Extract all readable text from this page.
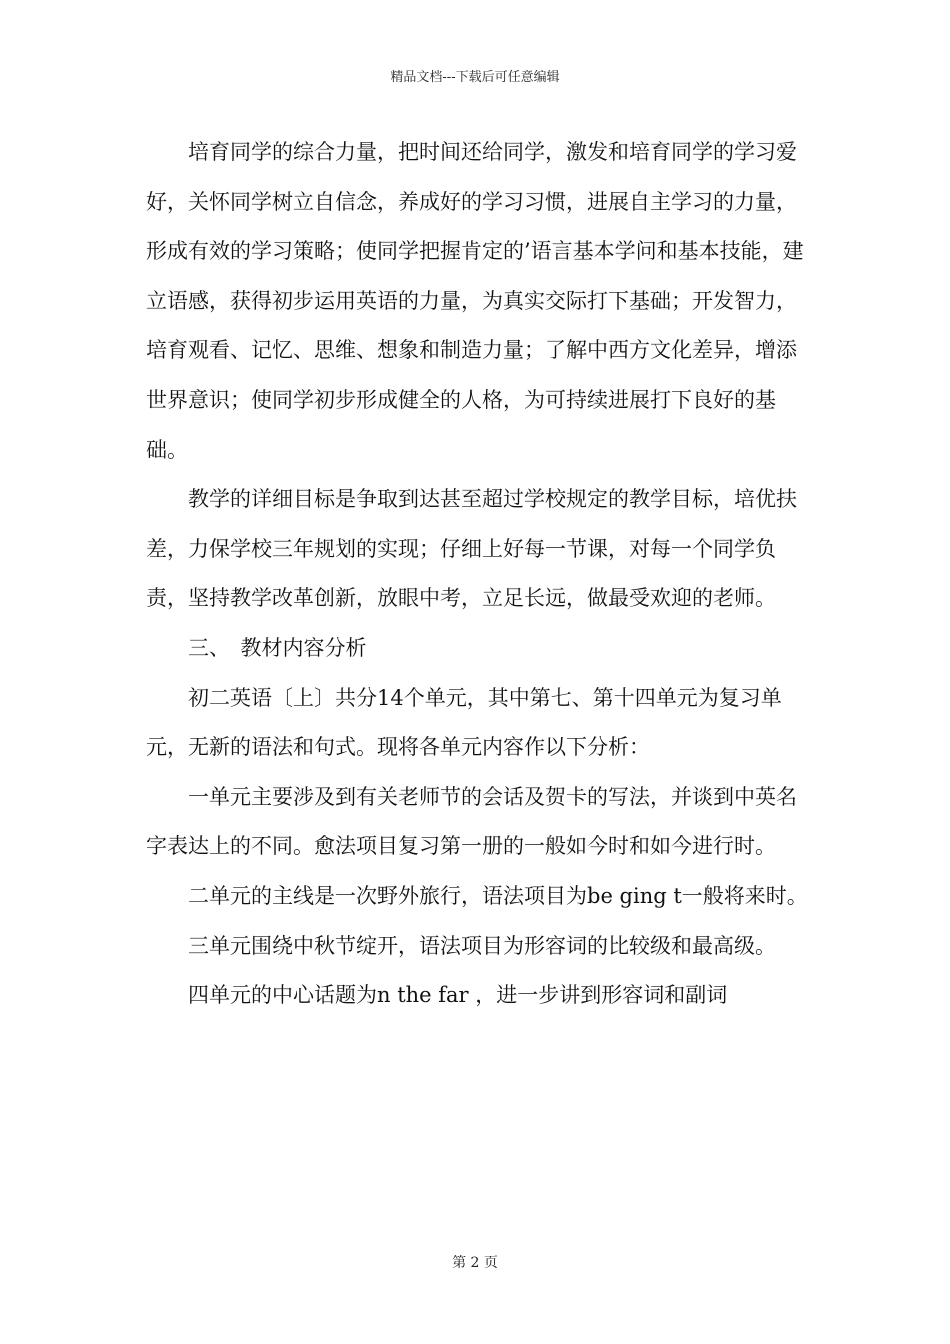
精品文档---下载后可任意编辑

培育同学的综合力量，把时间还给同学，激发和培育同学的学习爱好，关怀同学树立自信念，养成好的学习习惯，进展自主学习的力量，形成有效的学习策略；使同学把握肯定的’语言基本学问和基本技能，建立语感，获得初步运用英语的力量，为真实交际打下基础；开发智力，培育观看、记忆、思维、想象和制造力量；了解中西方文化差异，增添世界意识；使同学初步形成健全的人格，为可持续进展打下良好的基础。

教学的详细目标是争取到达甚至超过学校规定的教学目标，培优扶差，力保学校三年规划的实现；仔细上好每一节课，对每一个同学负责，坚持教学改革创新，放眼中考，立足长远，做最受欢迎的老师。

三、　教材内容分析

初二英语〔上〕共分14个单元，其中第七、第十四单元为复习单元，无新的语法和句式。现将各单元内容作以下分析：

一单元主要涉及到有关老师节的会话及贺卡的写法，并谈到中英名字表达上的不同。愈法项目复习第一册的一般如今时和如今进行时。

二单元的主线是一次野外旅行，语法项目为be ging t一般将来时。

三单元围绕中秋节绽开，语法项目为形容词的比较级和最高级。

四单元的中心话题为n the far ，进一步讲到形容词和副词

第 2 页
